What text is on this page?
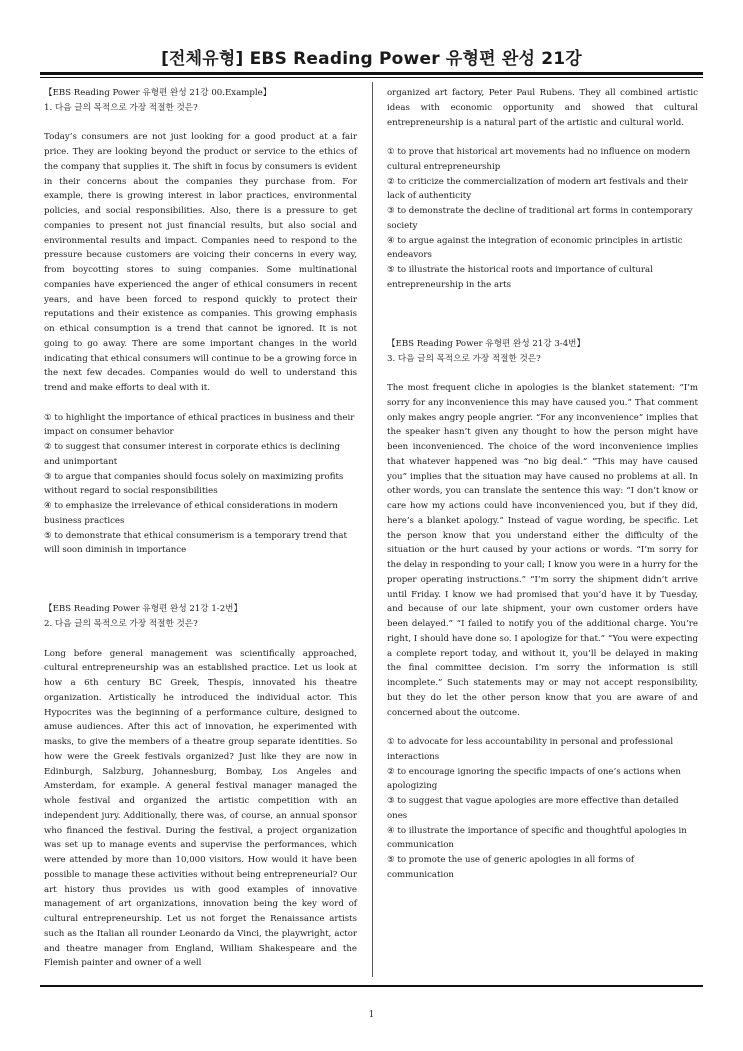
[전체유형] EBS Reading Power 유형편 완성 21강

【EBS Reading Power 유형편 완성 21강 00.Example】

1. 다음 글의 목적으로 가장 적절한 것은?

Today’s consumers are not just looking for a good product at a fair price. They are looking beyond the product or service to the ethics of the company that supplies it. The shift in focus by consumers is evident in their concerns about the companies they purchase from. For example, there is growing interest in labor practices, environmental policies, and social responsibilities. Also, there is a pressure to get companies to present not just financial results, but also social and environmental results and impact. Companies need to respond to the pressure because customers are voicing their concerns in every way, from boycotting stores to suing companies. Some multinational companies have experienced the anger of ethical consumers in recent years, and have been forced to respond quickly to protect their reputations and their existence as companies. This growing emphasis on ethical consumption is a trend that cannot be ignored. It is not going to go away. There are some important changes in the world indicating that ethical consumers will continue to be a growing force in the next few decades. Companies would do well to understand this trend and make efforts to deal with it.

① to highlight the importance of ethical practices in business and their impact on consumer behavior
② to suggest that consumer interest in corporate ethics is declining and unimportant
③ to argue that companies should focus solely on maximizing profits without regard to social responsibilities
④ to emphasize the irrelevance of ethical considerations in modern business practices
⑤ to demonstrate that ethical consumerism is a temporary trend that will soon diminish in importance

【EBS Reading Power 유형편 완성 21강 1-2번】

2. 다음 글의 목적으로 가장 적절한 것은?

Long before general management was scientifically approached, cultural entrepreneurship was an established practice. Let us look at how a 6th century BC Greek, Thespis, innovated his theatre organization. Artistically he introduced the individual actor. This Hypocrites was the beginning of a performance culture, designed to amuse audiences. After this act of innovation, he experimented with masks, to give the members of a theatre group separate identities. So how were the Greek festivals organized? Just like they are now in Edinburgh, Salzburg, Johannesburg, Bombay, Los Angeles and Amsterdam, for example. A general festival manager managed the whole festival and organized the artistic competition with an independent jury. Additionally, there was, of course, an annual sponsor who financed the festival. During the festival, a project organization was set up to manage events and supervise the performances, which were attended by more than 10,000 visitors. How would it have been possible to manage these activities without being entrepreneurial? Our art history thus provides us with good examples of innovative management of art organizations, innovation being the key word of cultural entrepreneurship. Let us not forget the Renaissance artists such as the Italian all rounder Leonardo da Vinci, the playwright, actor and theatre manager from England, William Shakespeare and the Flemish painter and owner of a well

organized art factory, Peter Paul Rubens. They all combined artistic ideas with economic opportunity and showed that cultural entrepreneurship is a natural part of the artistic and cultural world.

① to prove that historical art movements had no influence on modern cultural entrepreneurship
② to criticize the commercialization of modern art festivals and their lack of authenticity
③ to demonstrate the decline of traditional art forms in contemporary society
④ to argue against the integration of economic principles in artistic endeavors
⑤ to illustrate the historical roots and importance of cultural entrepreneurship in the arts

【EBS Reading Power 유형편 완성 21강 3-4번】

3. 다음 글의 목적으로 가장 적절한 것은?

The most frequent cliche in apologies is the blanket statement: “I’m sorry for any inconvenience this may have caused you.” That comment only makes angry people angrier. “For any inconvenience” implies that the speaker hasn’t given any thought to how the person might have been inconvenienced. The choice of the word inconvenience implies that whatever happened was “no big deal.” “This may have caused you” implies that the situation may have caused no problems at all. In other words, you can translate the sentence this way: “I don’t know or care how my actions could have inconvenienced you, but if they did, here’s a blanket apology.” Instead of vague wording, be specific. Let the person know that you understand either the difficulty of the situation or the hurt caused by your actions or words. “I’m sorry for the delay in responding to your call; I know you were in a hurry for the proper operating instructions.” “I’m sorry the shipment didn’t arrive until Friday. I know we had promised that you’d have it by Tuesday, and because of our late shipment, your own customer orders have been delayed.” “I failed to notify you of the additional charge. You’re right, I should have done so. I apologize for that.” “You were expecting a complete report today, and without it, you’ll be delayed in making the final committee decision. I’m sorry the information is still incomplete.” Such statements may or may not accept responsibility, but they do let the other person know that you are aware of and concerned about the outcome.

① to advocate for less accountability in personal and professional interactions
② to encourage ignoring the specific impacts of one’s actions when apologizing
③ to suggest that vague apologies are more effective than detailed ones
④ to illustrate the importance of specific and thoughtful apologies in communication
⑤ to promote the use of generic apologies in all forms of communication
1
